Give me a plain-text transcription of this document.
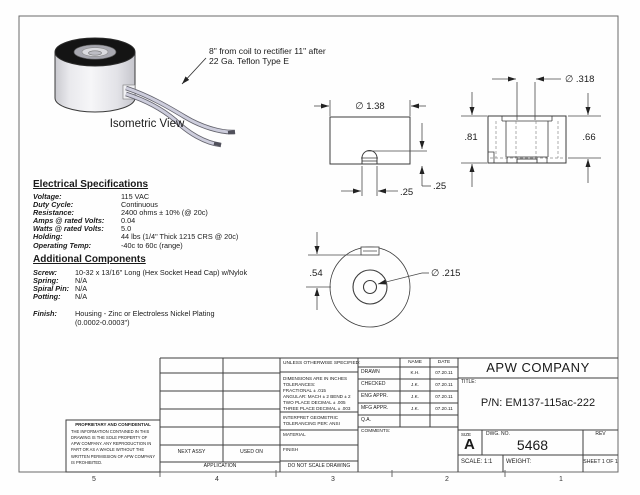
8" from coil to rectifier 11" after
22 Ga. Teflon Type E
Isometric View
∅ 1.38
.25
.25
∅ .318
.81	.66
.54	∅ .215
Electrical Specifications
Voltage:	115 VAC
Duty Cycle:	Continuous
Resistance:	2400 ohms ± 10% (@ 20c)
Amps @ rated Volts:	0.04
Watts @ rated Volts:	5.0
Holding:	44 lbs (1/4" Thick 1215 CRS @ 20c)
Operating Temp:	-40c to 60c (range)
Additional Components
Screw:	10-32 x 13/16" Long (Hex Socket Head Cap) w/Nylok
Spring:	N/A
Spiral Pin: N/A
Potting:	N/A
Finish:	Housing - Zinc or Electroless Nickel Plating
(0.0002-0.0003")
PROPRIETARY AND CONFIDENTIAL
THE INFORMATION CONTAINED IN THIS DRAWING IS THE SOLE PROPERTY OF APW COMPANY. ANY REPRODUCTION IN PART OR AS A WHOLE WITHOUT THE WRITTEN PERMISSION OF APW COMPANY IS PROHIBITED.
UNLESS OTHERWISE SPECIFIED:
DIMENSIONS ARE IN INCHES
TOLERANCES:
FRACTIONAL ± .015
ANGULAR: MACH ± 2 BEND ± 2
TWO PLACE DECIMAL ± .005
THREE PLACE DECIMAL ± .003
INTERPRET GEOMETRIC
TOLERANCING PER: ANSI
MATERIAL
FINISH
DO NOT SCALE DRAWING
NAME	DATE
DRAWN	K.H.	07.20.11
CHECKED	J.K.	07.20.11
ENG APPR.	J.K.	07.20.11
MFG APPR.	J.K.	07.20.11
Q.A.
COMMENTS:
NEXT ASSY	USED ON
APPLICATION
APW COMPANY
TITLE:
P/N: EM137-115ac-222
SIZE
A
DWG. NO.
5468
REV
SCALE: 1:1 WEIGHT:	SHEET 1 OF 1
5	4	3	2	1
